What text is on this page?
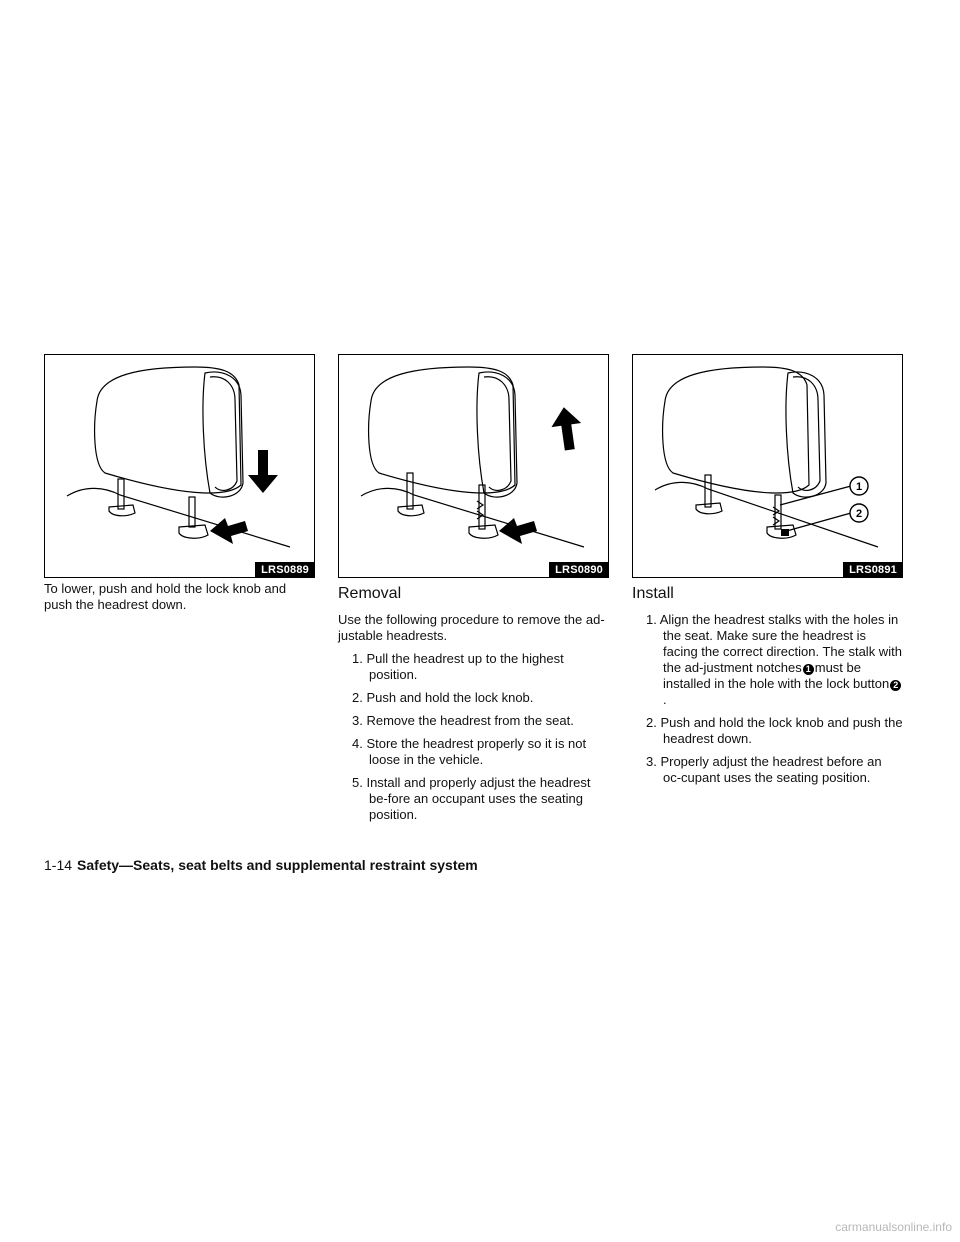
LRS0889

To lower, push and hold the lock knob and push the headrest down.

LRS0890
Removal

Use the following procedure to remove the ad-justable headrests.

1. Pull the headrest up to the highest position.
2. Push and hold the lock knob.
3. Remove the headrest from the seat.
4. Store the headrest properly so it is not loose in the vehicle.
5. Install and properly adjust the headrest be-fore an occupant uses the seating position.
1
2
LRS0891
Install
1. Align the headrest stalks with the holes in the seat. Make sure the headrest is facing the correct direction. The stalk with the ad-justment notches 1 must be installed in the hole with the lock button 2.
2. Push and hold the lock knob and push the headrest down.
3. Properly adjust the headrest before an oc-cupant uses the seating position.
1-14 Safety—Seats, seat belts and supplemental restraint system
carmanualsonline.info
